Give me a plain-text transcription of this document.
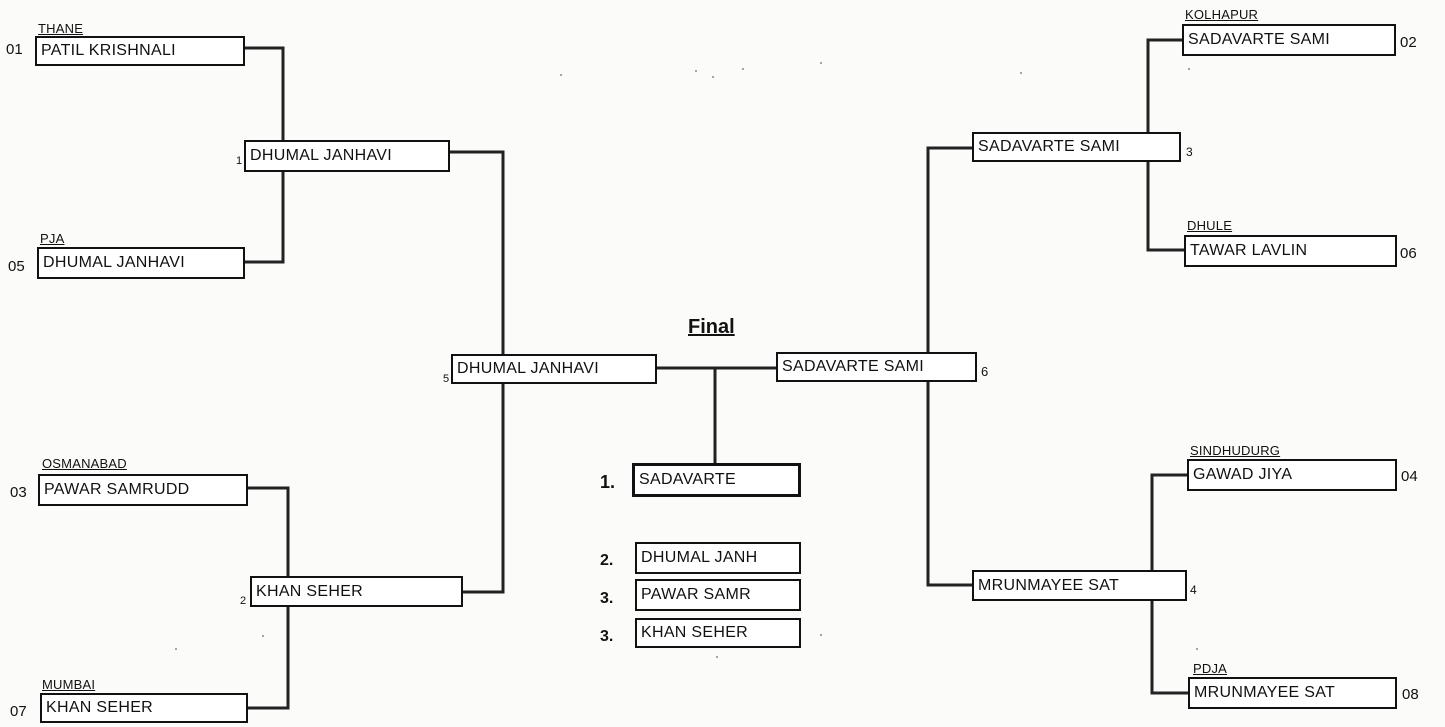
THANE
01	PATIL KRISHNALI
PJA
05	DHUMAL JANHAVI
OSMANABAD
03	PAWAR SAMRUDD
MUMBAI
07	KHAN SEHER
1 DHUMAL JANHAVI
2
KHAN SEHER
5
DHUMAL JANHAVI
Final
SADAVARTE SAMI	6
1.	SADAVARTE
2.	DHUMAL JANH
3.	PAWAR SAMR
3.	KHAN SEHER
SADAVARTE SAMI	3
MRUNMAYEE SAT	4
KOLHAPUR
SADAVARTE SAMI	02
DHULE
TAWAR LAVLIN	06
SINDHUDURG
GAWAD JIYA	04
PDJA
MRUNMAYEE SAT	08
